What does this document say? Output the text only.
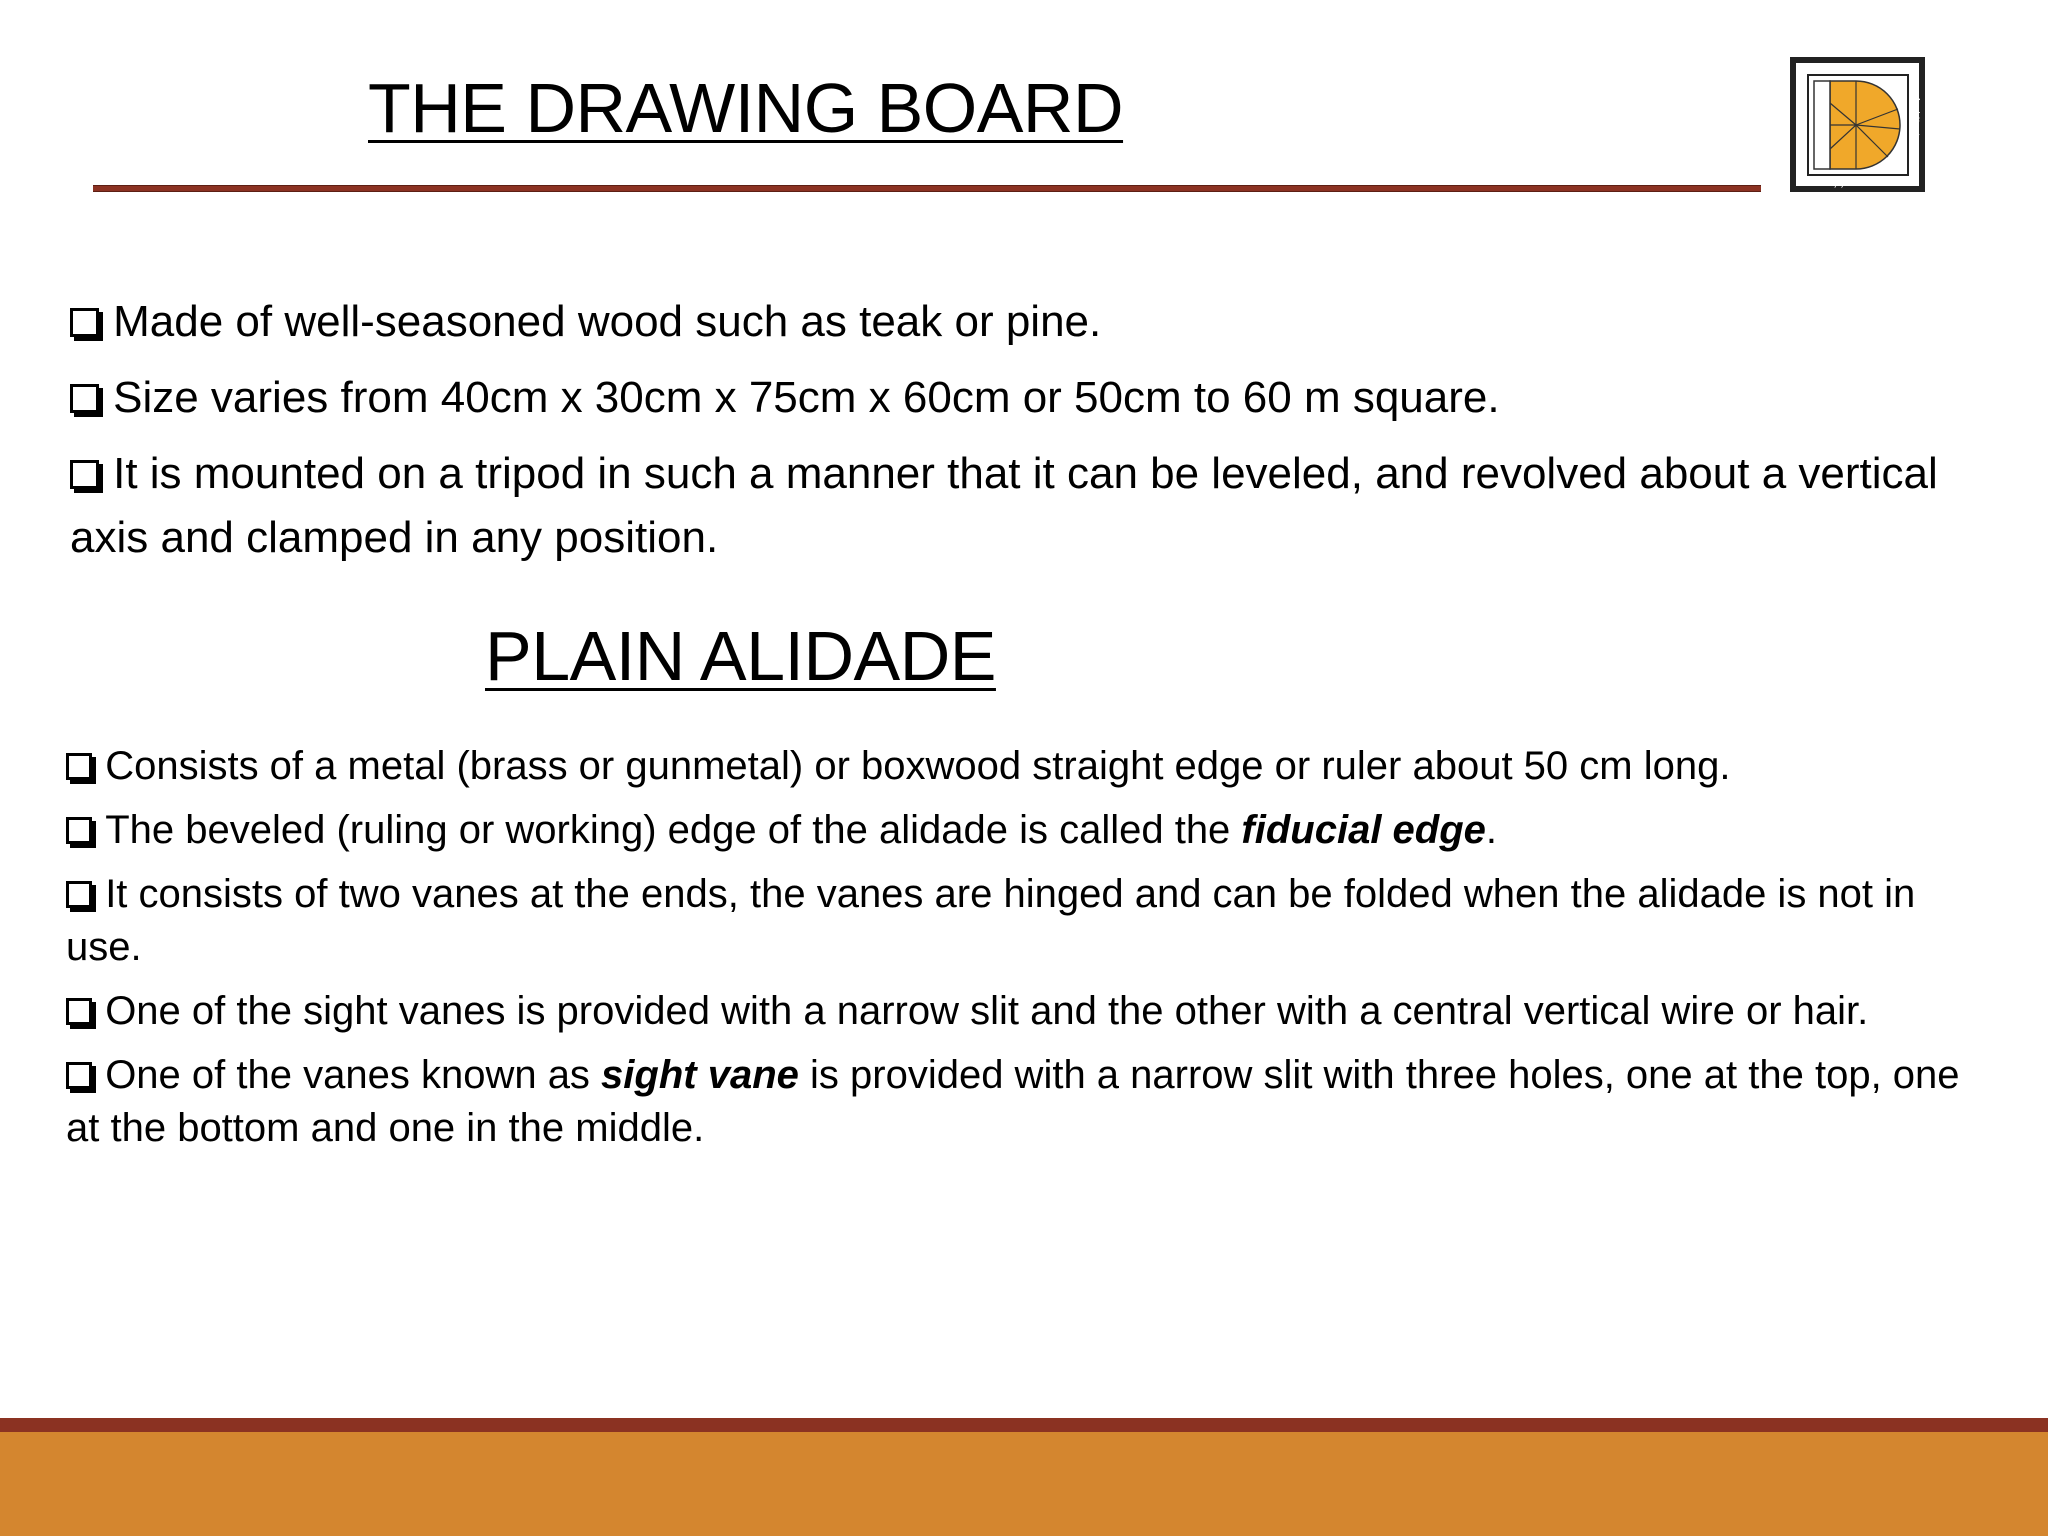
THE DRAWING BOARD
Planning and
School of	Architecture
Vijayawada Est.2008
Made of well-seasoned wood such as teak or pine.
Size varies from 40cm x 30cm x 75cm x 60cm or 50cm to 60 m square.
It is mounted on a tripod in such a manner that it can be leveled, and revolved about a vertical axis and clamped in any position.
PLAIN ALIDADE
Consists of a metal (brass or gunmetal) or boxwood straight edge or ruler about 50 cm long.
The beveled (ruling or working) edge of the alidade is called the fiducial edge.
It consists of two vanes at the ends, the vanes are hinged and can be folded when the alidade is not in use.
One of the sight vanes is provided with a narrow slit and the other with a central vertical wire or hair.
One of the vanes known as sight vane is provided with a narrow slit with three holes, one at the top, one at the bottom and one in the middle.
